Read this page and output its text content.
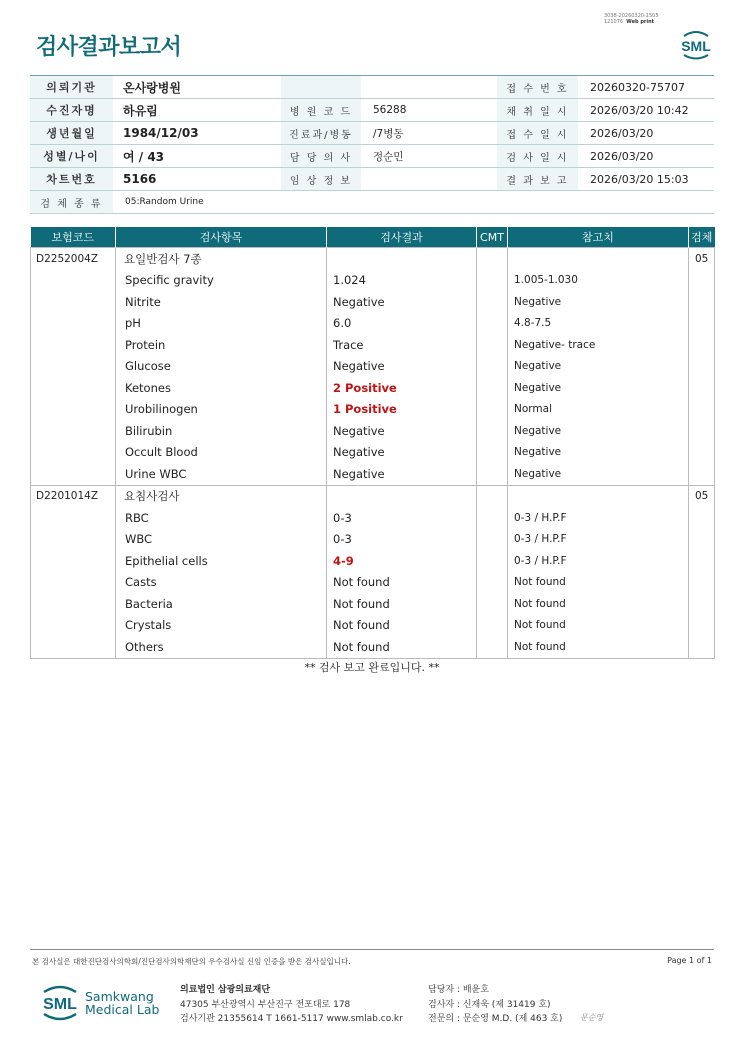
검사결과보고서
3038-20260320-1505
121076 Web print
SML
의뢰기관	온사랑병원			접 수 번 호	20260320-75707
수진자명	하유림	병 원 코 드	56288	채 취 일 시	2026/03/20 10:42
생년월일	1984/12/03	진료과/병동	/7병동	접 수 일 시	2026/03/20
성별/나이	여 / 43	담 당 의 사	정순민	검 사 일 시	2026/03/20
차트번호	5166	임 상 정 보		결 과 보 고	2026/03/20 15:03
검 체 종 류	05:Random Urine				
보험코드	검사항목	검사결과	CMT	참고치	검체
D2252004Z	요일반검사 7종				05
	Specific gravity	1.024		1.005-1.030	
	Nitrite	Negative		Negative	
	pH	6.0		4.8-7.5	
	Protein	Trace		Negative- trace	
	Glucose	Negative		Negative	
	Ketones	2 Positive		Negative	
	Urobilinogen	1 Positive		Normal	
	Bilirubin	Negative		Negative	
	Occult Blood	Negative		Negative	
	Urine WBC	Negative		Negative	
D2201014Z	요침사검사				05
	RBC	0-3		0-3 / H.P.F	
	WBC	0-3		0-3 / H.P.F	
	Epithelial cells	4-9		0-3 / H.P.F	
	Casts	Not found		Not found	
	Bacteria	Not found		Not found	
	Crystals	Not found		Not found	
	Others	Not found		Not found	
** 검사 보고 완료입니다. **
본 검사실은 대한진단검사의학회/진단검사의학재단의 우수검사실 신임 인증을 받은 검사실입니다.	Page 1 of 1
SML Samkwang
Medical Lab
의료법인 삼광의료재단
47305 부산광역시 부산진구 전포대로 178
검사기관 21355614 T 1661-5117 www.smlab.co.kr
담당자 : 배윤호
검사자 : 신재욱 (제 31419 호)
전문의 : 문순영 M.D. (제 463 호) 문순영
